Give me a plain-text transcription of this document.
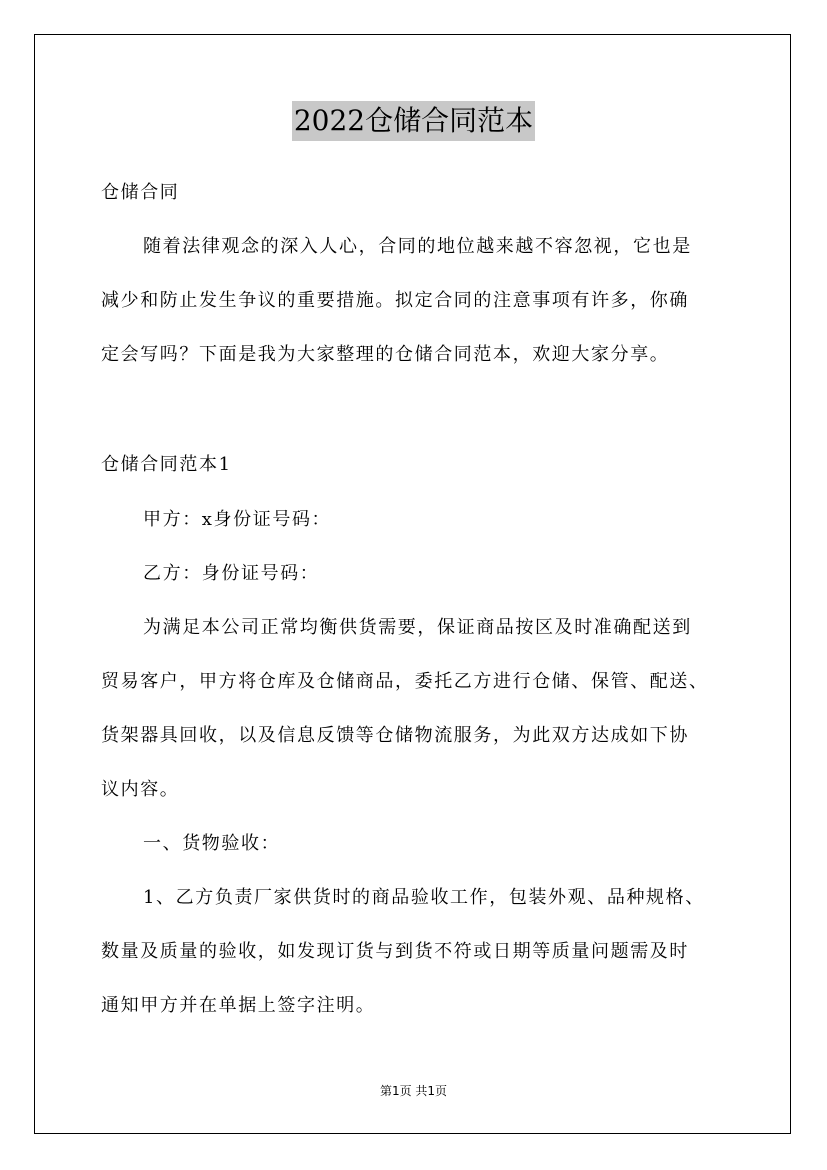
2022仓储合同范本
仓储合同
随着法律观念的深入人心，合同的地位越来越不容忽视，它也是
减少和防止发生争议的重要措施。拟定合同的注意事项有许多，你确
定会写吗？下面是我为大家整理的仓储合同范本，欢迎大家分享。
仓储合同范本1
甲方：x身份证号码：
乙方：身份证号码：
为满足本公司正常均衡供货需要，保证商品按区及时准确配送到
贸易客户，甲方将仓库及仓储商品，委托乙方进行仓储、保管、配送、
货架器具回收，以及信息反馈等仓储物流服务，为此双方达成如下协
议内容。
一、货物验收：
1、乙方负责厂家供货时的商品验收工作，包装外观、品种规格、
数量及质量的验收，如发现订货与到货不符或日期等质量问题需及时
通知甲方并在单据上签字注明。
第1页 共1页
